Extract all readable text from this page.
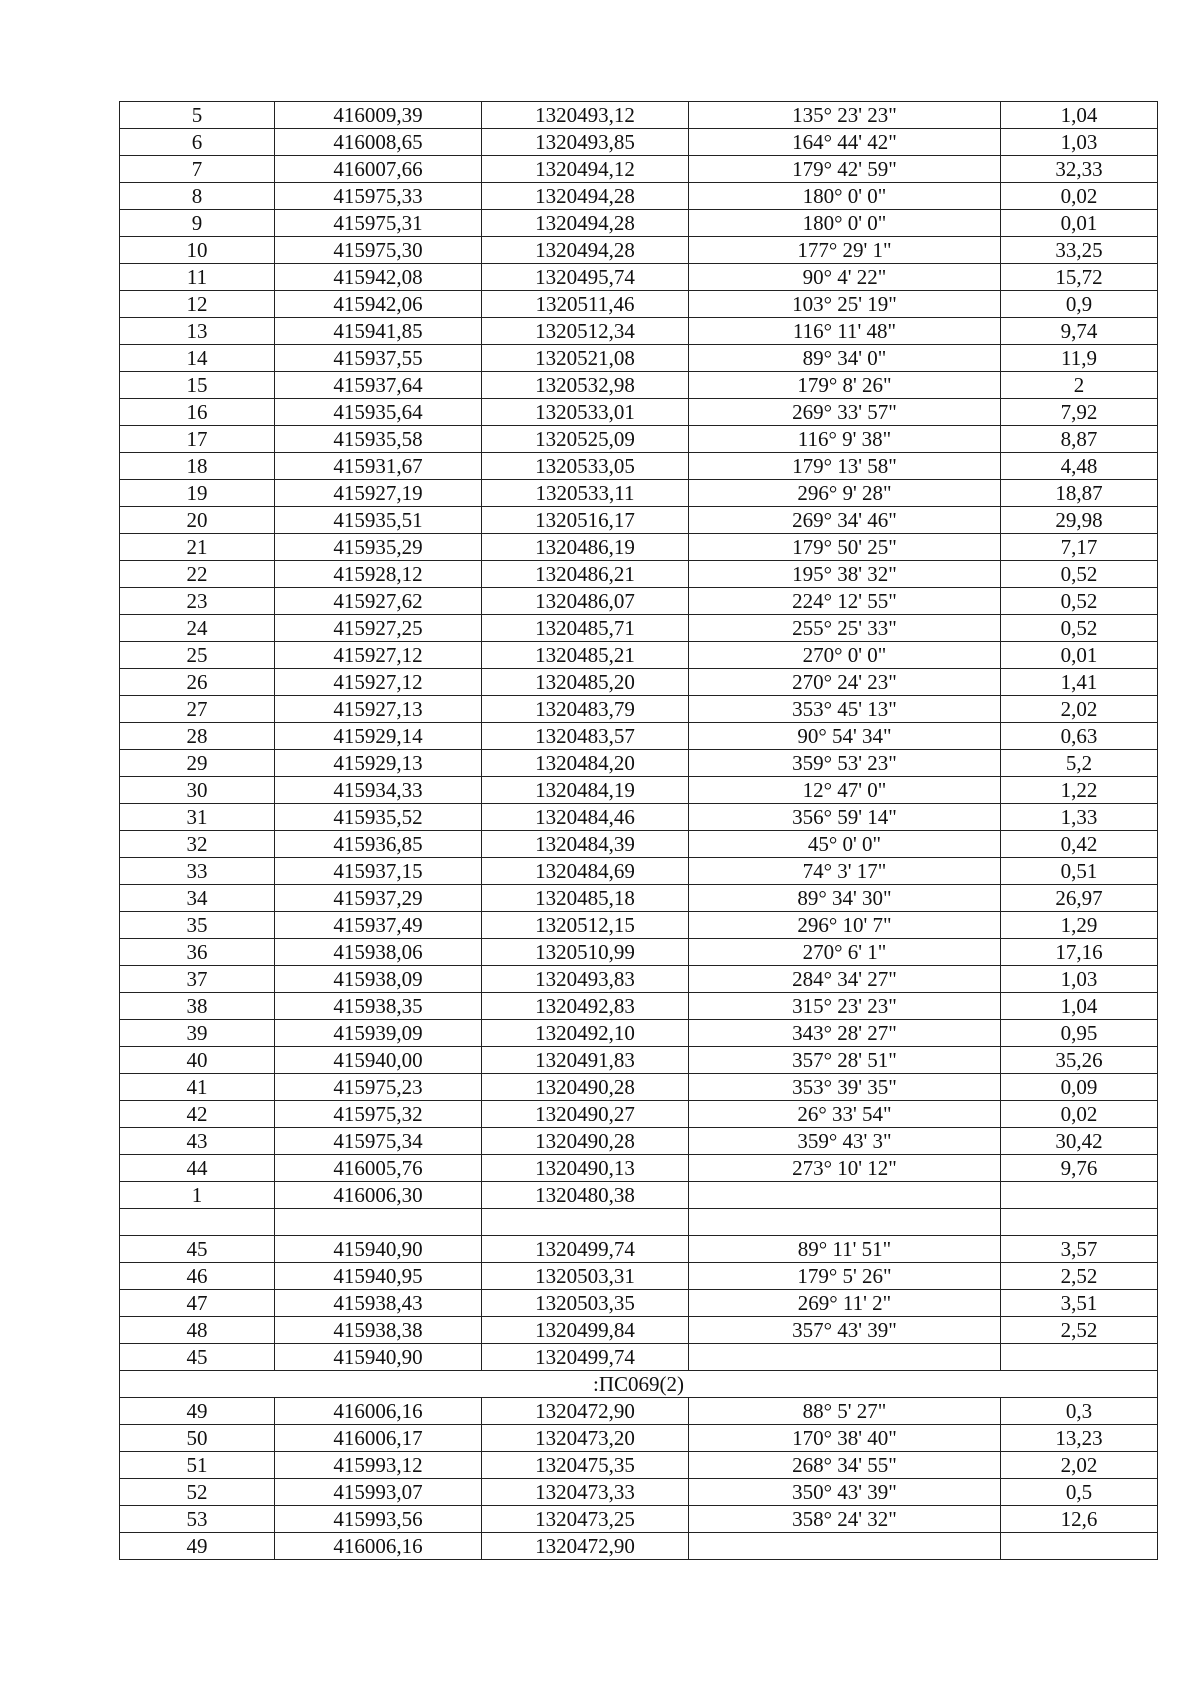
5	416009,39	1320493,12	135° 23' 23"	1,04
6	416008,65	1320493,85	164° 44' 42"	1,03
7	416007,66	1320494,12	179° 42' 59"	32,33
8	415975,33	1320494,28	180° 0' 0"	0,02
9	415975,31	1320494,28	180° 0' 0"	0,01
10	415975,30	1320494,28	177° 29' 1"	33,25
11	415942,08	1320495,74	90° 4' 22"	15,72
12	415942,06	1320511,46	103° 25' 19"	0,9
13	415941,85	1320512,34	116° 11' 48"	9,74
14	415937,55	1320521,08	89° 34' 0"	11,9
15	415937,64	1320532,98	179° 8' 26"	2
16	415935,64	1320533,01	269° 33' 57"	7,92
17	415935,58	1320525,09	116° 9' 38"	8,87
18	415931,67	1320533,05	179° 13' 58"	4,48
19	415927,19	1320533,11	296° 9' 28"	18,87
20	415935,51	1320516,17	269° 34' 46"	29,98
21	415935,29	1320486,19	179° 50' 25"	7,17
22	415928,12	1320486,21	195° 38' 32"	0,52
23	415927,62	1320486,07	224° 12' 55"	0,52
24	415927,25	1320485,71	255° 25' 33"	0,52
25	415927,12	1320485,21	270° 0' 0"	0,01
26	415927,12	1320485,20	270° 24' 23"	1,41
27	415927,13	1320483,79	353° 45' 13"	2,02
28	415929,14	1320483,57	90° 54' 34"	0,63
29	415929,13	1320484,20	359° 53' 23"	5,2
30	415934,33	1320484,19	12° 47' 0"	1,22
31	415935,52	1320484,46	356° 59' 14"	1,33
32	415936,85	1320484,39	45° 0' 0"	0,42
33	415937,15	1320484,69	74° 3' 17"	0,51
34	415937,29	1320485,18	89° 34' 30"	26,97
35	415937,49	1320512,15	296° 10' 7"	1,29
36	415938,06	1320510,99	270° 6' 1"	17,16
37	415938,09	1320493,83	284° 34' 27"	1,03
38	415938,35	1320492,83	315° 23' 23"	1,04
39	415939,09	1320492,10	343° 28' 27"	0,95
40	415940,00	1320491,83	357° 28' 51"	35,26
41	415975,23	1320490,28	353° 39' 35"	0,09
42	415975,32	1320490,27	26° 33' 54"	0,02
43	415975,34	1320490,28	359° 43' 3"	30,42
44	416005,76	1320490,13	273° 10' 12"	9,76
1	416006,30	1320480,38		

45	415940,90	1320499,74	89° 11' 51"	3,57
46	415940,95	1320503,31	179° 5' 26"	2,52
47	415938,43	1320503,35	269° 11' 2"	3,51
48	415938,38	1320499,84	357° 43' 39"	2,52
45	415940,90	1320499,74		
:ПС069(2)				
49	416006,16	1320472,90	88° 5' 27"	0,3
50	416006,17	1320473,20	170° 38' 40"	13,23
51	415993,12	1320475,35	268° 34' 55"	2,02
52	415993,07	1320473,33	350° 43' 39"	0,5
53	415993,56	1320473,25	358° 24' 32"	12,6
49	416006,16	1320472,90		
